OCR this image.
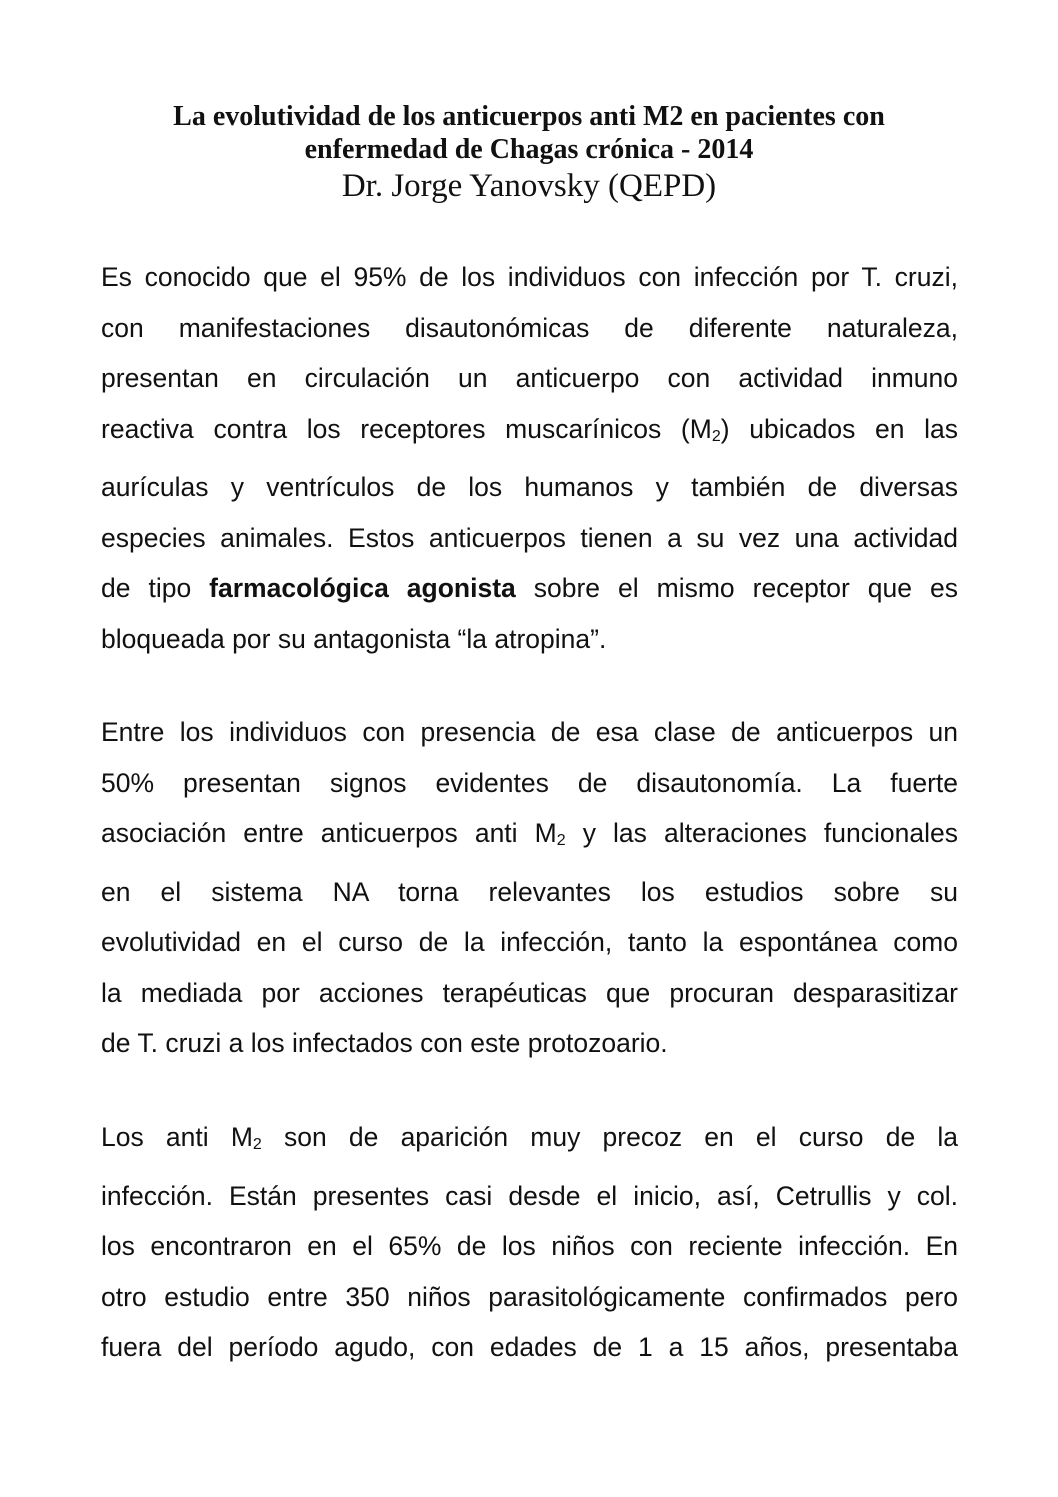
La evolutividad de los anticuerpos anti M2 en pacientes con
enfermedad de Chagas crónica - 2014

Dr. Jorge Yanovsky (QEPD)

Es conocido que el 95% de los individuos con infección por T. cruzi,
con manifestaciones disautonómicas de diferente naturaleza,
presentan en circulación un anticuerpo con actividad inmuno
reactiva contra los receptores muscarínicos (M2) ubicados en las
aurículas y ventrículos de los humanos y también de diversas
especies animales. Estos anticuerpos tienen a su vez una actividad
de tipo farmacológica agonista sobre el mismo receptor que es
bloqueada por su antagonista “la atropina”.

Entre los individuos con presencia de esa clase de anticuerpos un
50% presentan signos evidentes de disautonomía. La fuerte
asociación entre anticuerpos anti M2 y las alteraciones funcionales
en el sistema NA torna relevantes los estudios sobre su
evolutividad en el curso de la infección, tanto la espontánea como
la mediada por acciones terapéuticas que procuran desparasitizar
de T. cruzi a los infectados con este protozoario.

Los anti M2 son de aparición muy precoz en el curso de la
infección. Están presentes casi desde el inicio, así, Cetrullis y col.
los encontraron en el 65% de los niños con reciente infección. En
otro estudio entre 350 niños parasitológicamente confirmados pero
fuera del período agudo, con edades de 1 a 15 años, presentaba
